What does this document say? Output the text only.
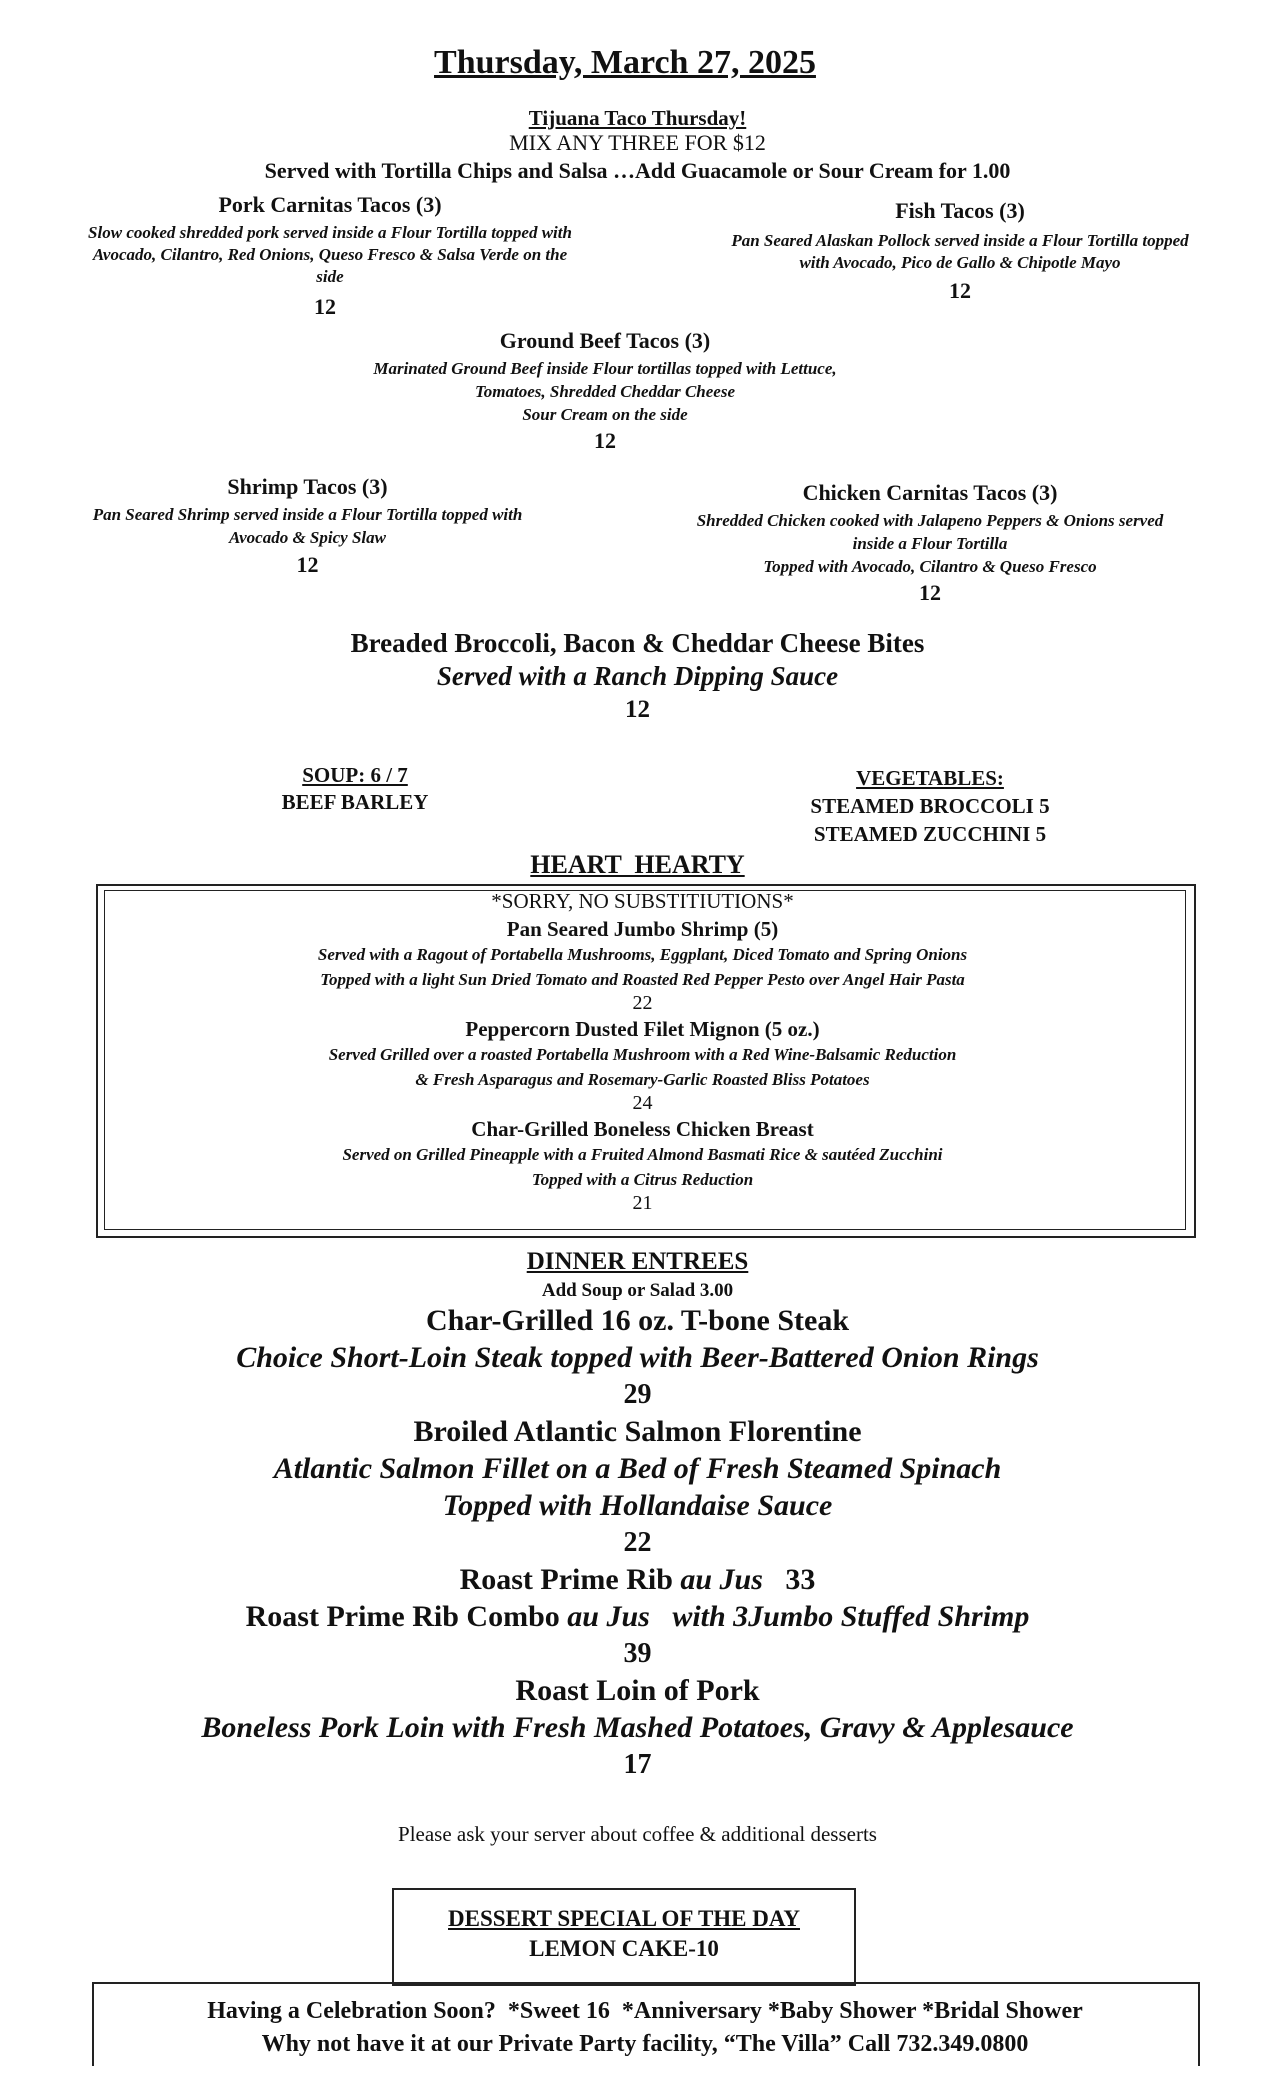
Thursday, March 27, 2025
Tijuana Taco Thursday!
MIX ANY THREE FOR $12
Served with Tortilla Chips and Salsa …Add Guacamole or Sour Cream for 1.00
Pork Carnitas Tacos (3)
Slow cooked shredded pork served inside a Flour Tortilla topped with
Avocado, Cilantro, Red Onions, Queso Fresco & Salsa Verde on the
side
12
Fish Tacos (3)
Pan Seared Alaskan Pollock served inside a Flour Tortilla topped
with Avocado, Pico de Gallo & Chipotle Mayo
12
Ground Beef Tacos (3)
Marinated Ground Beef inside Flour tortillas topped with Lettuce,
Tomatoes, Shredded Cheddar Cheese
Sour Cream on the side
12
Shrimp Tacos (3)
Pan Seared Shrimp served inside a Flour Tortilla topped with
Avocado & Spicy Slaw
12
Chicken Carnitas Tacos (3)
Shredded Chicken cooked with Jalapeno Peppers & Onions served
inside a Flour Tortilla
Topped with Avocado, Cilantro & Queso Fresco
12
Breaded Broccoli, Bacon & Cheddar Cheese Bites
Served with a Ranch Dipping Sauce
12
SOUP: 6 / 7
BEEF BARLEY
VEGETABLES:
STEAMED BROCCOLI 5
STEAMED ZUCCHINI 5
HEART  HEARTY
*SORRY, NO SUBSTITIUTIONS*
Pan Seared Jumbo Shrimp (5)
Served with a Ragout of Portabella Mushrooms, Eggplant, Diced Tomato and Spring Onions
Topped with a light Sun Dried Tomato and Roasted Red Pepper Pesto over Angel Hair Pasta
22
Peppercorn Dusted Filet Mignon (5 oz.)
Served Grilled over a roasted Portabella Mushroom with a Red Wine-Balsamic Reduction
& Fresh Asparagus and Rosemary-Garlic Roasted Bliss Potatoes
24
Char-Grilled Boneless Chicken Breast
Served on Grilled Pineapple with a Fruited Almond Basmati Rice & sautéed Zucchini
Topped with a Citrus Reduction
21
DINNER ENTREES
Add Soup or Salad 3.00
Char-Grilled 16 oz. T-bone Steak
Choice Short-Loin Steak topped with Beer-Battered Onion Rings
29
Broiled Atlantic Salmon Florentine
Atlantic Salmon Fillet on a Bed of Fresh Steamed Spinach
Topped with Hollandaise Sauce
22
Roast Prime Rib au Jus 33
Roast Prime Rib Combo au Jus with 3Jumbo Stuffed Shrimp
39
Roast Loin of Pork
Boneless Pork Loin with Fresh Mashed Potatoes, Gravy & Applesauce
17
Please ask your server about coffee & additional desserts
DESSERT SPECIAL OF THE DAY
LEMON CAKE-10
Having a Celebration Soon?  *Sweet 16  *Anniversary *Baby Shower *Bridal Shower
Why not have it at our Private Party facility, “The Villa” Call 732.349.0800
